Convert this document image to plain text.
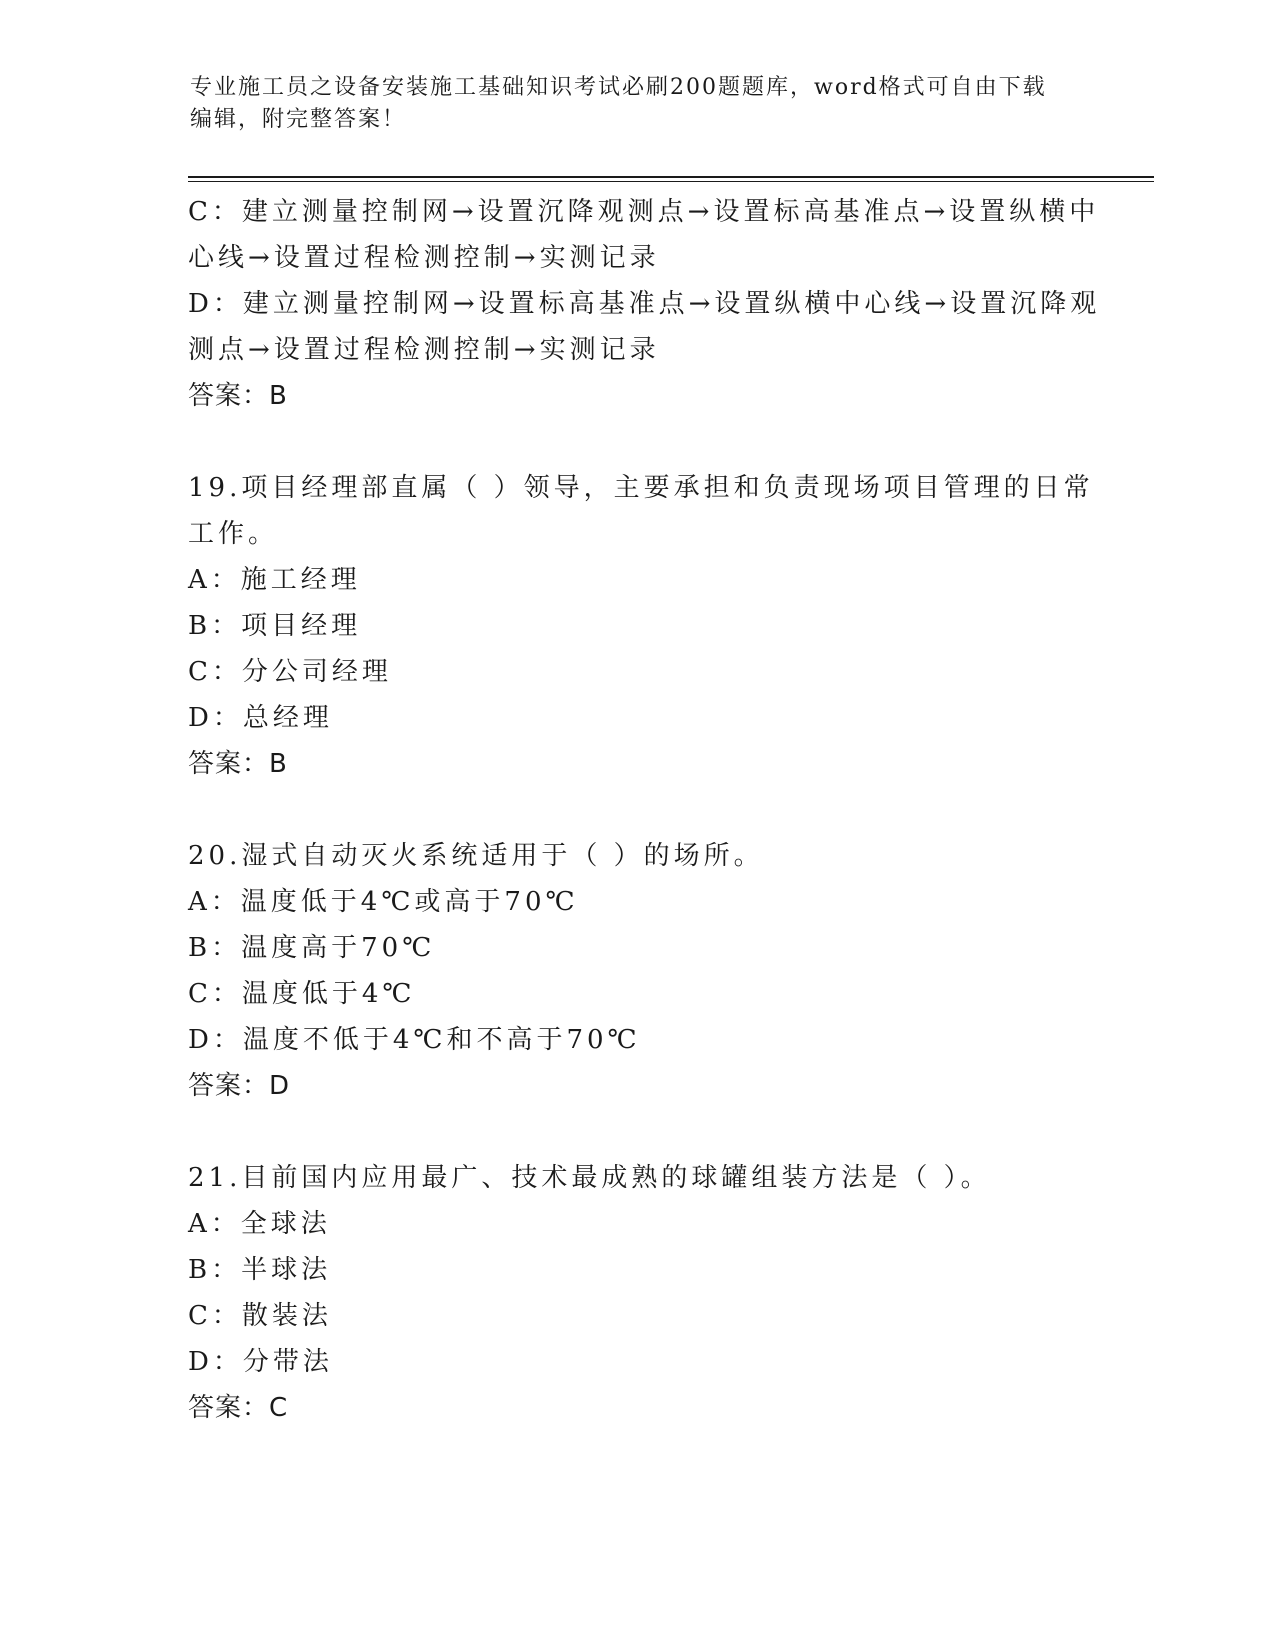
专业施工员之设备安装施工基础知识考试必刷200题题库，word格式可自由下载
编辑，附完整答案！
C：建立测量控制网→设置沉降观测点→设置标高基准点→设置纵横中
心线→设置过程检测控制→实测记录
D：建立测量控制网→设置标高基准点→设置纵横中心线→设置沉降观
测点→设置过程检测控制→实测记录
答案：B
19.项目经理部直属（ ）领导，主要承担和负责现场项目管理的日常
工作。
A：施工经理
B：项目经理
C：分公司经理
D：总经理
答案：B
20.湿式自动灭火系统适用于（ ）的场所。
A：温度低于4℃或高于70℃
B：温度高于70℃
C：温度低于4℃
D：温度不低于4℃和不高于70℃
答案：D
21.目前国内应用最广、技术最成熟的球罐组装方法是（ ）。
A：全球法
B：半球法
C：散装法
D：分带法
答案：C
